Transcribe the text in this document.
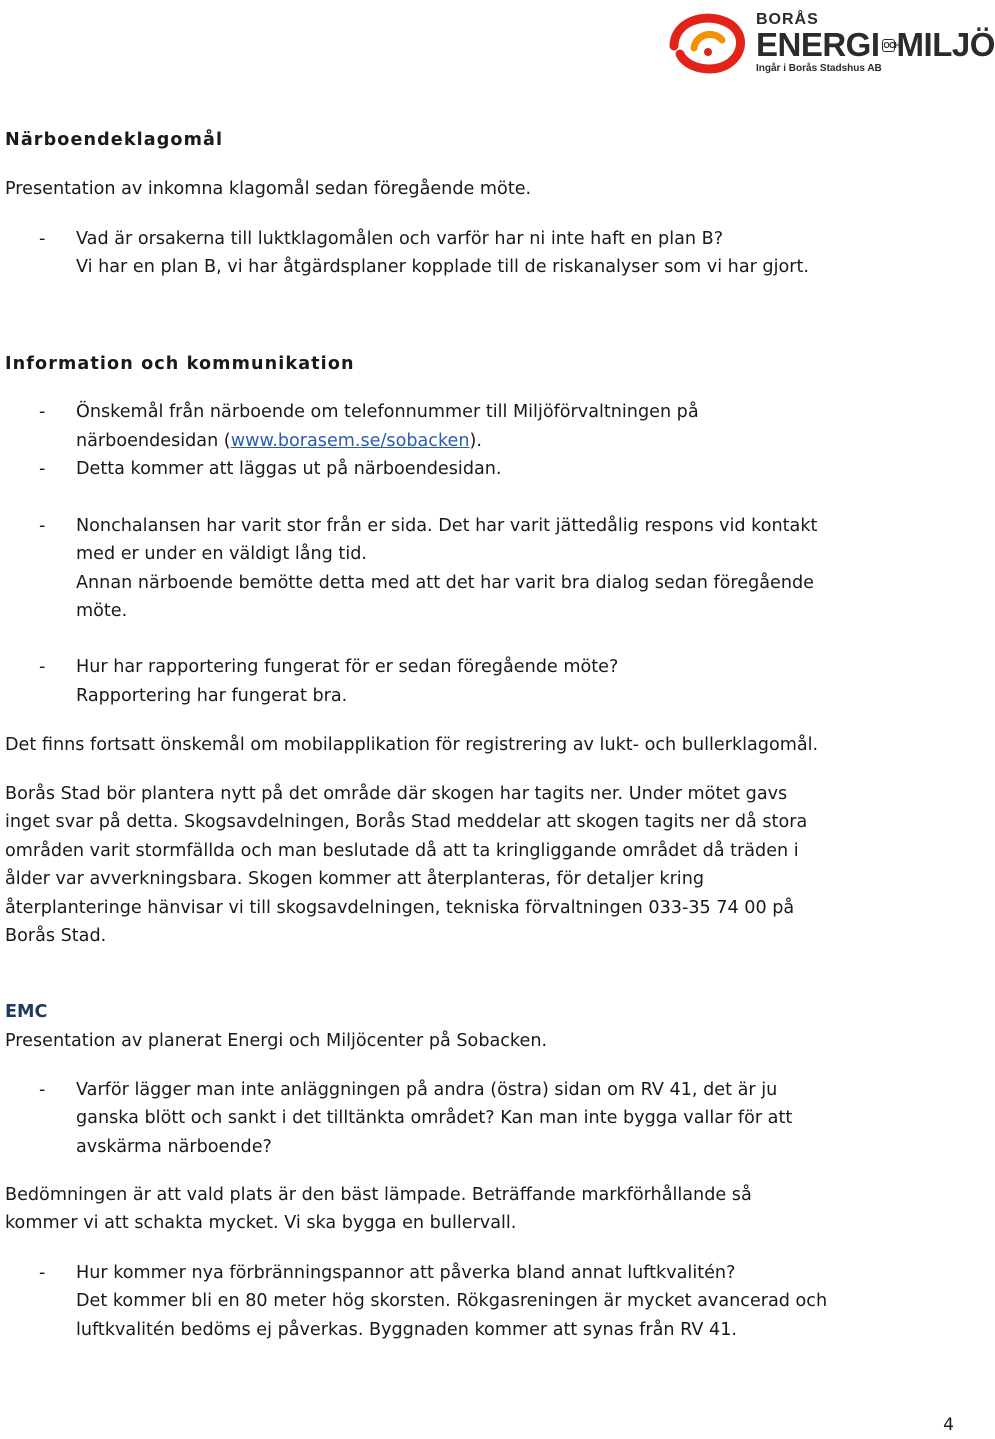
BORÅS
ENERGI OCHMILJÖ
Ingår i Borås Stadshus AB
Närboendeklagomål
Presentation av inkomna klagomål sedan föregående möte.
- Vad är orsakerna till luktklagomålen och varför har ni inte haft en plan B?
Vi har en plan B, vi har åtgärdsplaner kopplade till de riskanalyser som vi har gjort.
Information och kommunikation
- Önskemål från närboende om telefonnummer till Miljöförvaltningen på
närboendesidan (www.borasem.se/sobacken).
- Detta kommer att läggas ut på närboendesidan.
- Nonchalansen har varit stor från er sida. Det har varit jättedålig respons vid kontakt
med er under en väldigt lång tid.
Annan närboende bemötte detta med att det har varit bra dialog sedan föregående
möte.
- Hur har rapportering fungerat för er sedan föregående möte?
Rapportering har fungerat bra.
Det finns fortsatt önskemål om mobilapplikation för registrering av lukt- och bullerklagomål.
Borås Stad bör plantera nytt på det område där skogen har tagits ner. Under mötet gavs
inget svar på detta. Skogsavdelningen, Borås Stad meddelar att skogen tagits ner då stora
områden varit stormfällda och man beslutade då att ta kringliggande området då träden i
ålder var avverkningsbara. Skogen kommer att återplanteras, för detaljer kring
återplanteringe hänvisar vi till skogsavdelningen, tekniska förvaltningen 033-35 74 00 på
Borås Stad.
EMC
Presentation av planerat Energi och Miljöcenter på Sobacken.
- Varför lägger man inte anläggningen på andra (östra) sidan om RV 41, det är ju
ganska blött och sankt i det tilltänkta området? Kan man inte bygga vallar för att
avskärma närboende?
Bedömningen är att vald plats är den bäst lämpade. Beträffande markförhållande så
kommer vi att schakta mycket. Vi ska bygga en bullervall.
- Hur kommer nya förbränningspannor att påverka bland annat luftkvalitén?
Det kommer bli en 80 meter hög skorsten. Rökgasreningen är mycket avancerad och
luftkvalitén bedöms ej påverkas. Byggnaden kommer att synas från RV 41.
4
